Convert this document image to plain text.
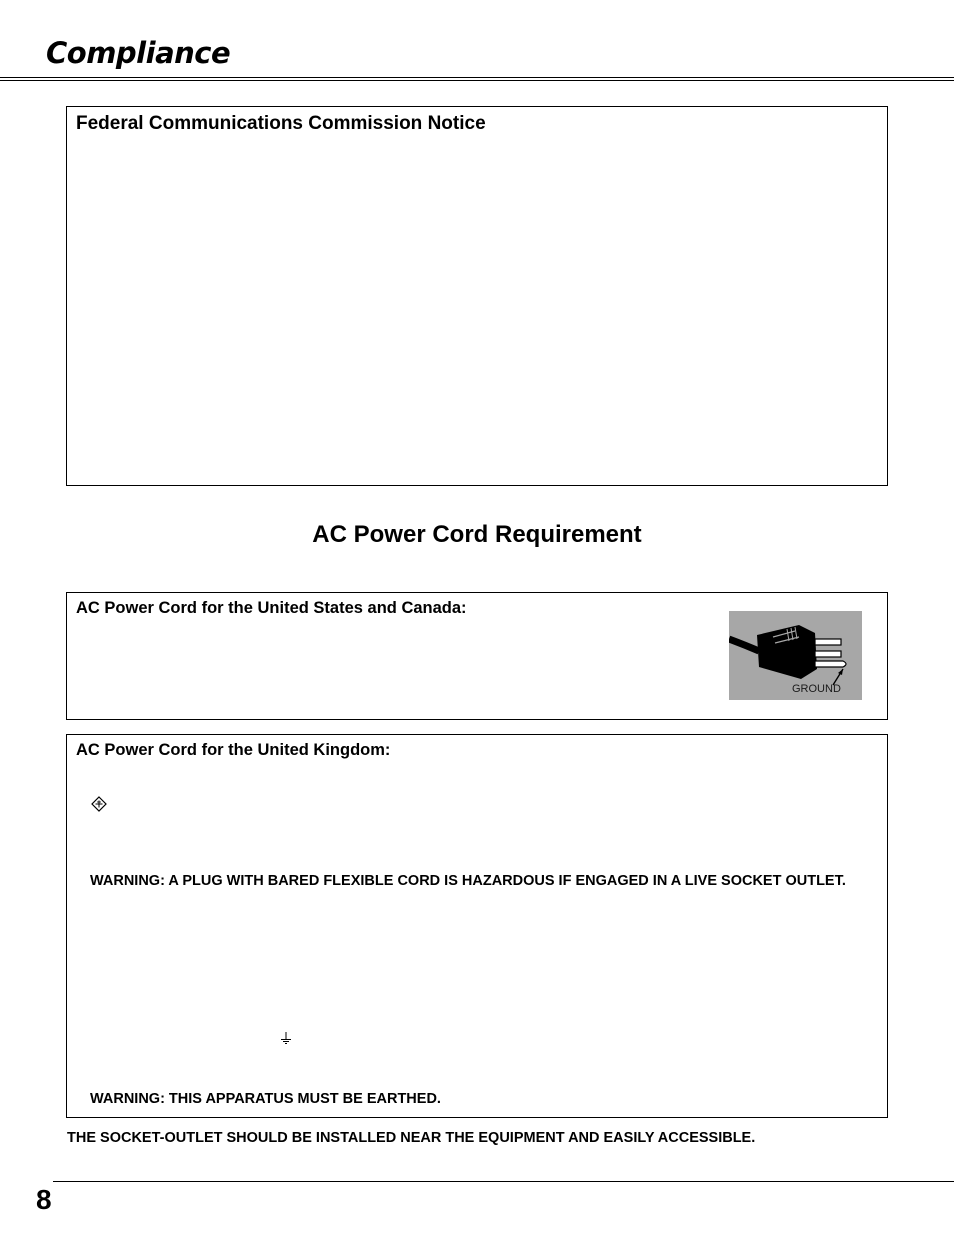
Compliance
Federal Communications Commission Notice
AC Power Cord Requirement
AC Power Cord for the United States and Canada:
GROUND
AC Power Cord for the United Kingdom:
WARNING: A PLUG WITH BARED FLEXIBLE CORD IS HAZARDOUS IF ENGAGED IN A LIVE SOCKET OUTLET.
WARNING: THIS APPARATUS MUST BE EARTHED.
THE SOCKET-OUTLET SHOULD BE INSTALLED NEAR THE EQUIPMENT AND EASILY ACCESSIBLE.
8
